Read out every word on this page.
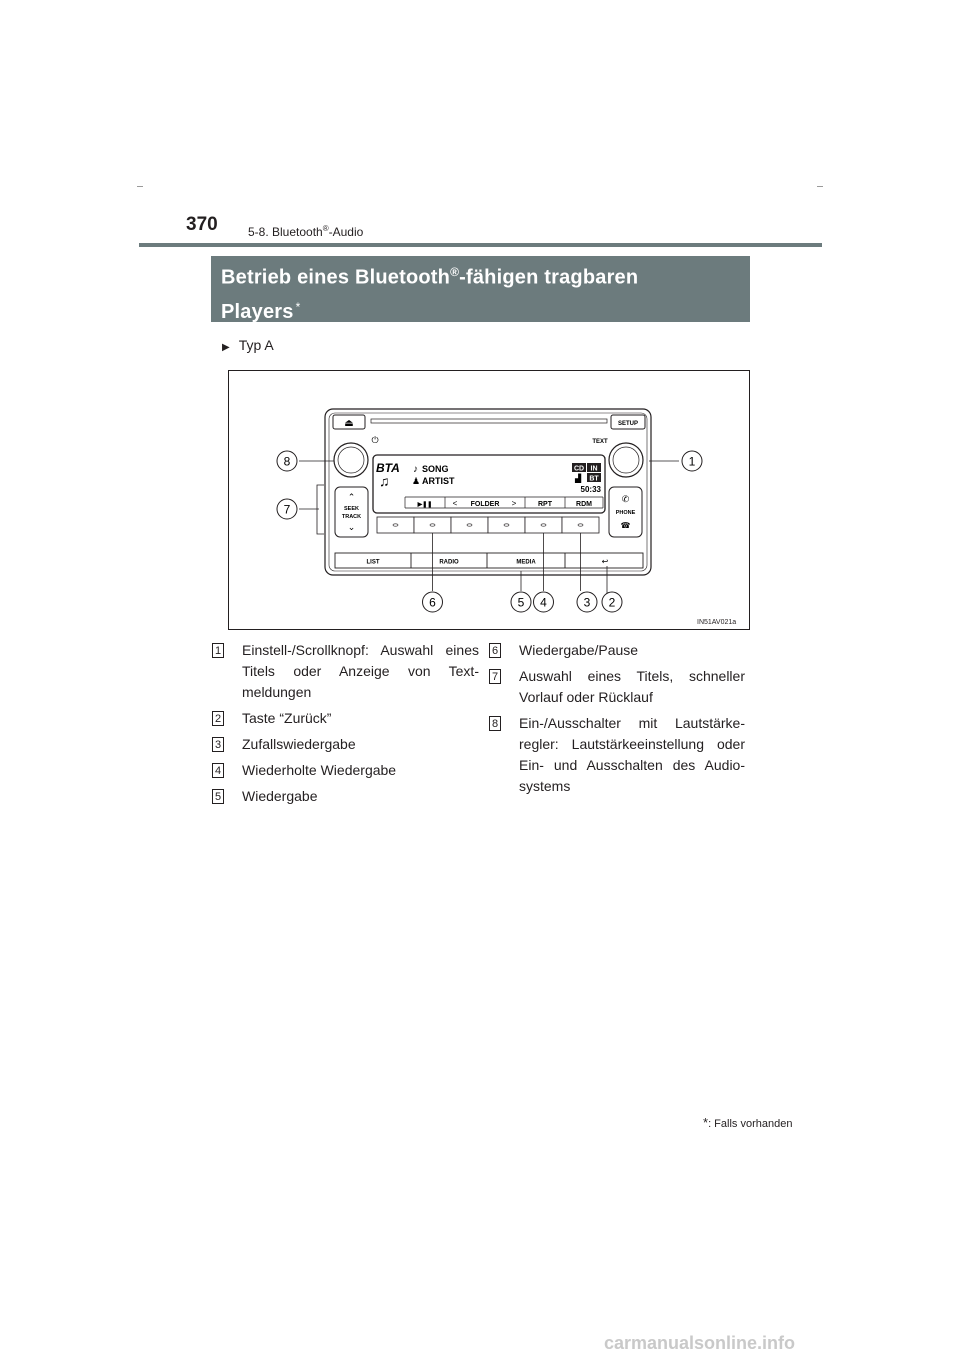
370	5-8. Bluetooth®-Audio
Betrieb eines Bluetooth®-fähigen tragbaren
Players *
▶ Typ A
⏏	SETUP
⏻	TEXT
BTA
♫
♪ SONG
♟ ARTIST
CD IN
▟ BT
50:33
▶❚❚	< FOLDER >	RPT	RDM
⌃
SEEK
TRACK
⌄
✆
PHONE
☎
LIST	RADIO	MEDIA	↩
8	1
7
6	5 4	3 2
IN51AV021a
1 Einstell-/Scrollknopf: Auswahl eines Titels oder Anzeige von Text-meldungen
2 Taste “Zurück”
3 Zufallswiedergabe
4 Wiederholte Wiedergabe
5 Wiedergabe
6 Wiedergabe/Pause
7 Auswahl eines Titels, schneller Vorlauf oder Rücklauf
8 Ein-/Ausschalter mit Lautstärke-regler: Lautstärkeeinstellung oder Ein- und Ausschalten des Audio-systems
*: Falls vorhanden
carmanualsonline.info
